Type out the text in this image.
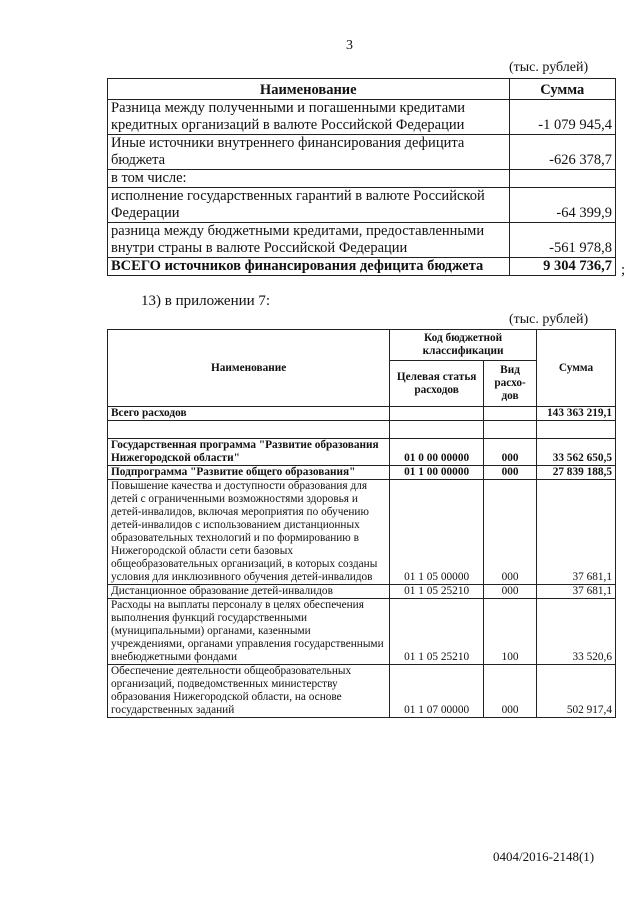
3
(тыс. рублей)
Наименование	Сумма
Разница между полученными и погашенными кредитами кредитных организаций в валюте Российской Федерации	-1 079 945,4
Иные источники внутреннего финансирования дефицита бюджета	-626 378,7
в том числе:	
исполнение государственных гарантий в валюте Российской Федерации	-64 399,9
разница между бюджетными кредитами, предоставленными внутри страны в валюте Российской Федерации	-561 978,8
ВСЕГО источников финансирования дефицита бюджета	9 304 736,7 ;
13) в приложении 7:
(тыс. рублей)
Наименование	Код бюджетной классификации		Сумма
	Целевая статья расходов	Вид расхо-дов	
Всего расходов			143 363 219,1

Государственная программа "Развитие образования Нижегородской области"	01 0 00 00000	000	33 562 650,5
Подпрограмма "Развитие общего образования"	01 1 00 00000	000	27 839 188,5
Повышение качества и доступности образования для детей с ограниченными возможностями здоровья и детей-инвалидов, включая мероприятия по обучению детей-инвалидов с использованием дистанционных образовательных технологий и по формированию в Нижегородской области сети базовых общеобразовательных организаций, в которых созданы условия для инклюзивного обучения детей-инвалидов	01 1 05 00000	000	37 681,1
Дистанционное образование детей-инвалидов	01 1 05 25210	000	37 681,1
Расходы на выплаты персоналу в целях обеспечения выполнения функций государственными (муниципальными) органами, казенными учреждениями, органами управления государственными внебюджетными фондами	01 1 05 25210	100	33 520,6
Обеспечение деятельности общеобразовательных организаций, подведомственных министерству образования Нижегородской области, на основе государственных заданий	01 1 07 00000	000	502 917,4
0404/2016-2148(1)
